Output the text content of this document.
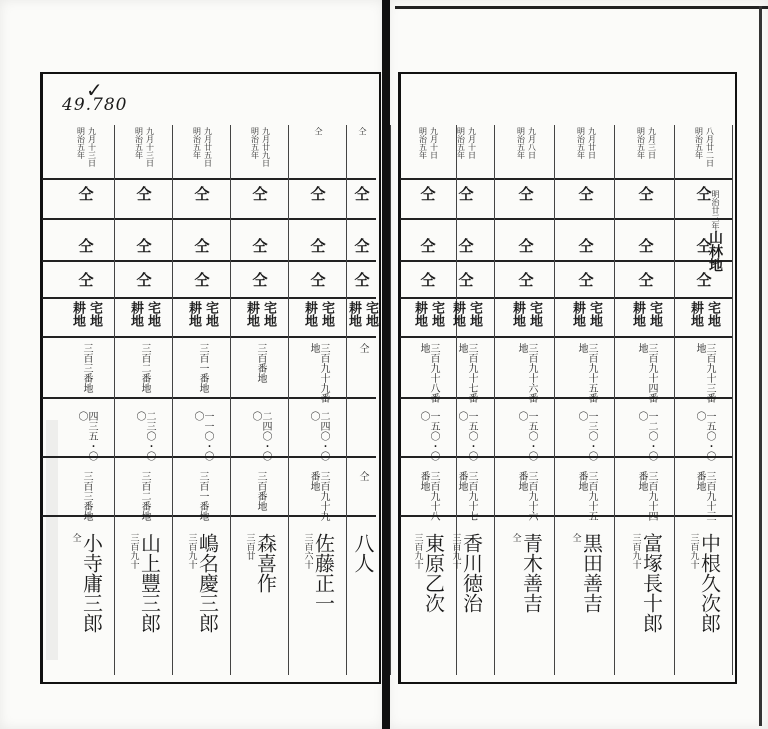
✓
49.780
明治五年 八月廿二日
仝
仝
仝
耕地 宅地
三百九十三番地
一五〇・〇〇
三百九十三番地
三百九十 中根久次郎
明治五年 九月三日
仝
仝
仝
耕地 宅地
三百九十四番地
一二〇・〇〇
三百九十四番地
三百九十 富塚長十郎
明治五年 九月廿日
仝
仝
仝
耕地 宅地
三百九十五番地
一三〇・〇〇
三百九十五番地
仝 黒田善吉
明治五年 九月八日
仝
仝
仝
耕地 宅地
三百九十六番地
一五〇・〇〇
三百九十六番地
仝 青木善吉
明治五年 九月十日
仝
仝
仝
耕地 宅地
三百九十七番地
一五〇・〇〇
三百九十七番地
三百九十 香川徳治
明治五年 九月十日
仝
仝
仝
耕地 宅地
三百九十八番地
一五〇・〇〇
三百九十八番地
三百九十 東原乙次
仝
仝
仝
仝
耕地 宅地
三百九十九番地
二四〇・〇〇
三百九十九番地
三百六十 佐藤正一
明治五年 九月廿九日
仝
仝
仝
耕地 宅地
三百番地
二四〇・〇〇
三百番地
三百廿 森喜作
明治五年 九月廿五日
仝
仝
仝
耕地 宅地
三百一番地
一一〇・〇〇
三百一番地
三百九十 嶋名慶三郎
明治五年 九月十三日
仝
仝
仝
耕地 宅地
三百二番地
二三〇・〇〇
三百二番地
三百九十 山上豐三郎
明治五年 九月十三日
仝
仝
仝
耕地 宅地
三百三番地
四三五・〇〇
三百三番地
仝 小寺庸三郎
仝
仝
仝
仝
耕地 宅地
仝
仝
八人
明治廿三年
山林地
